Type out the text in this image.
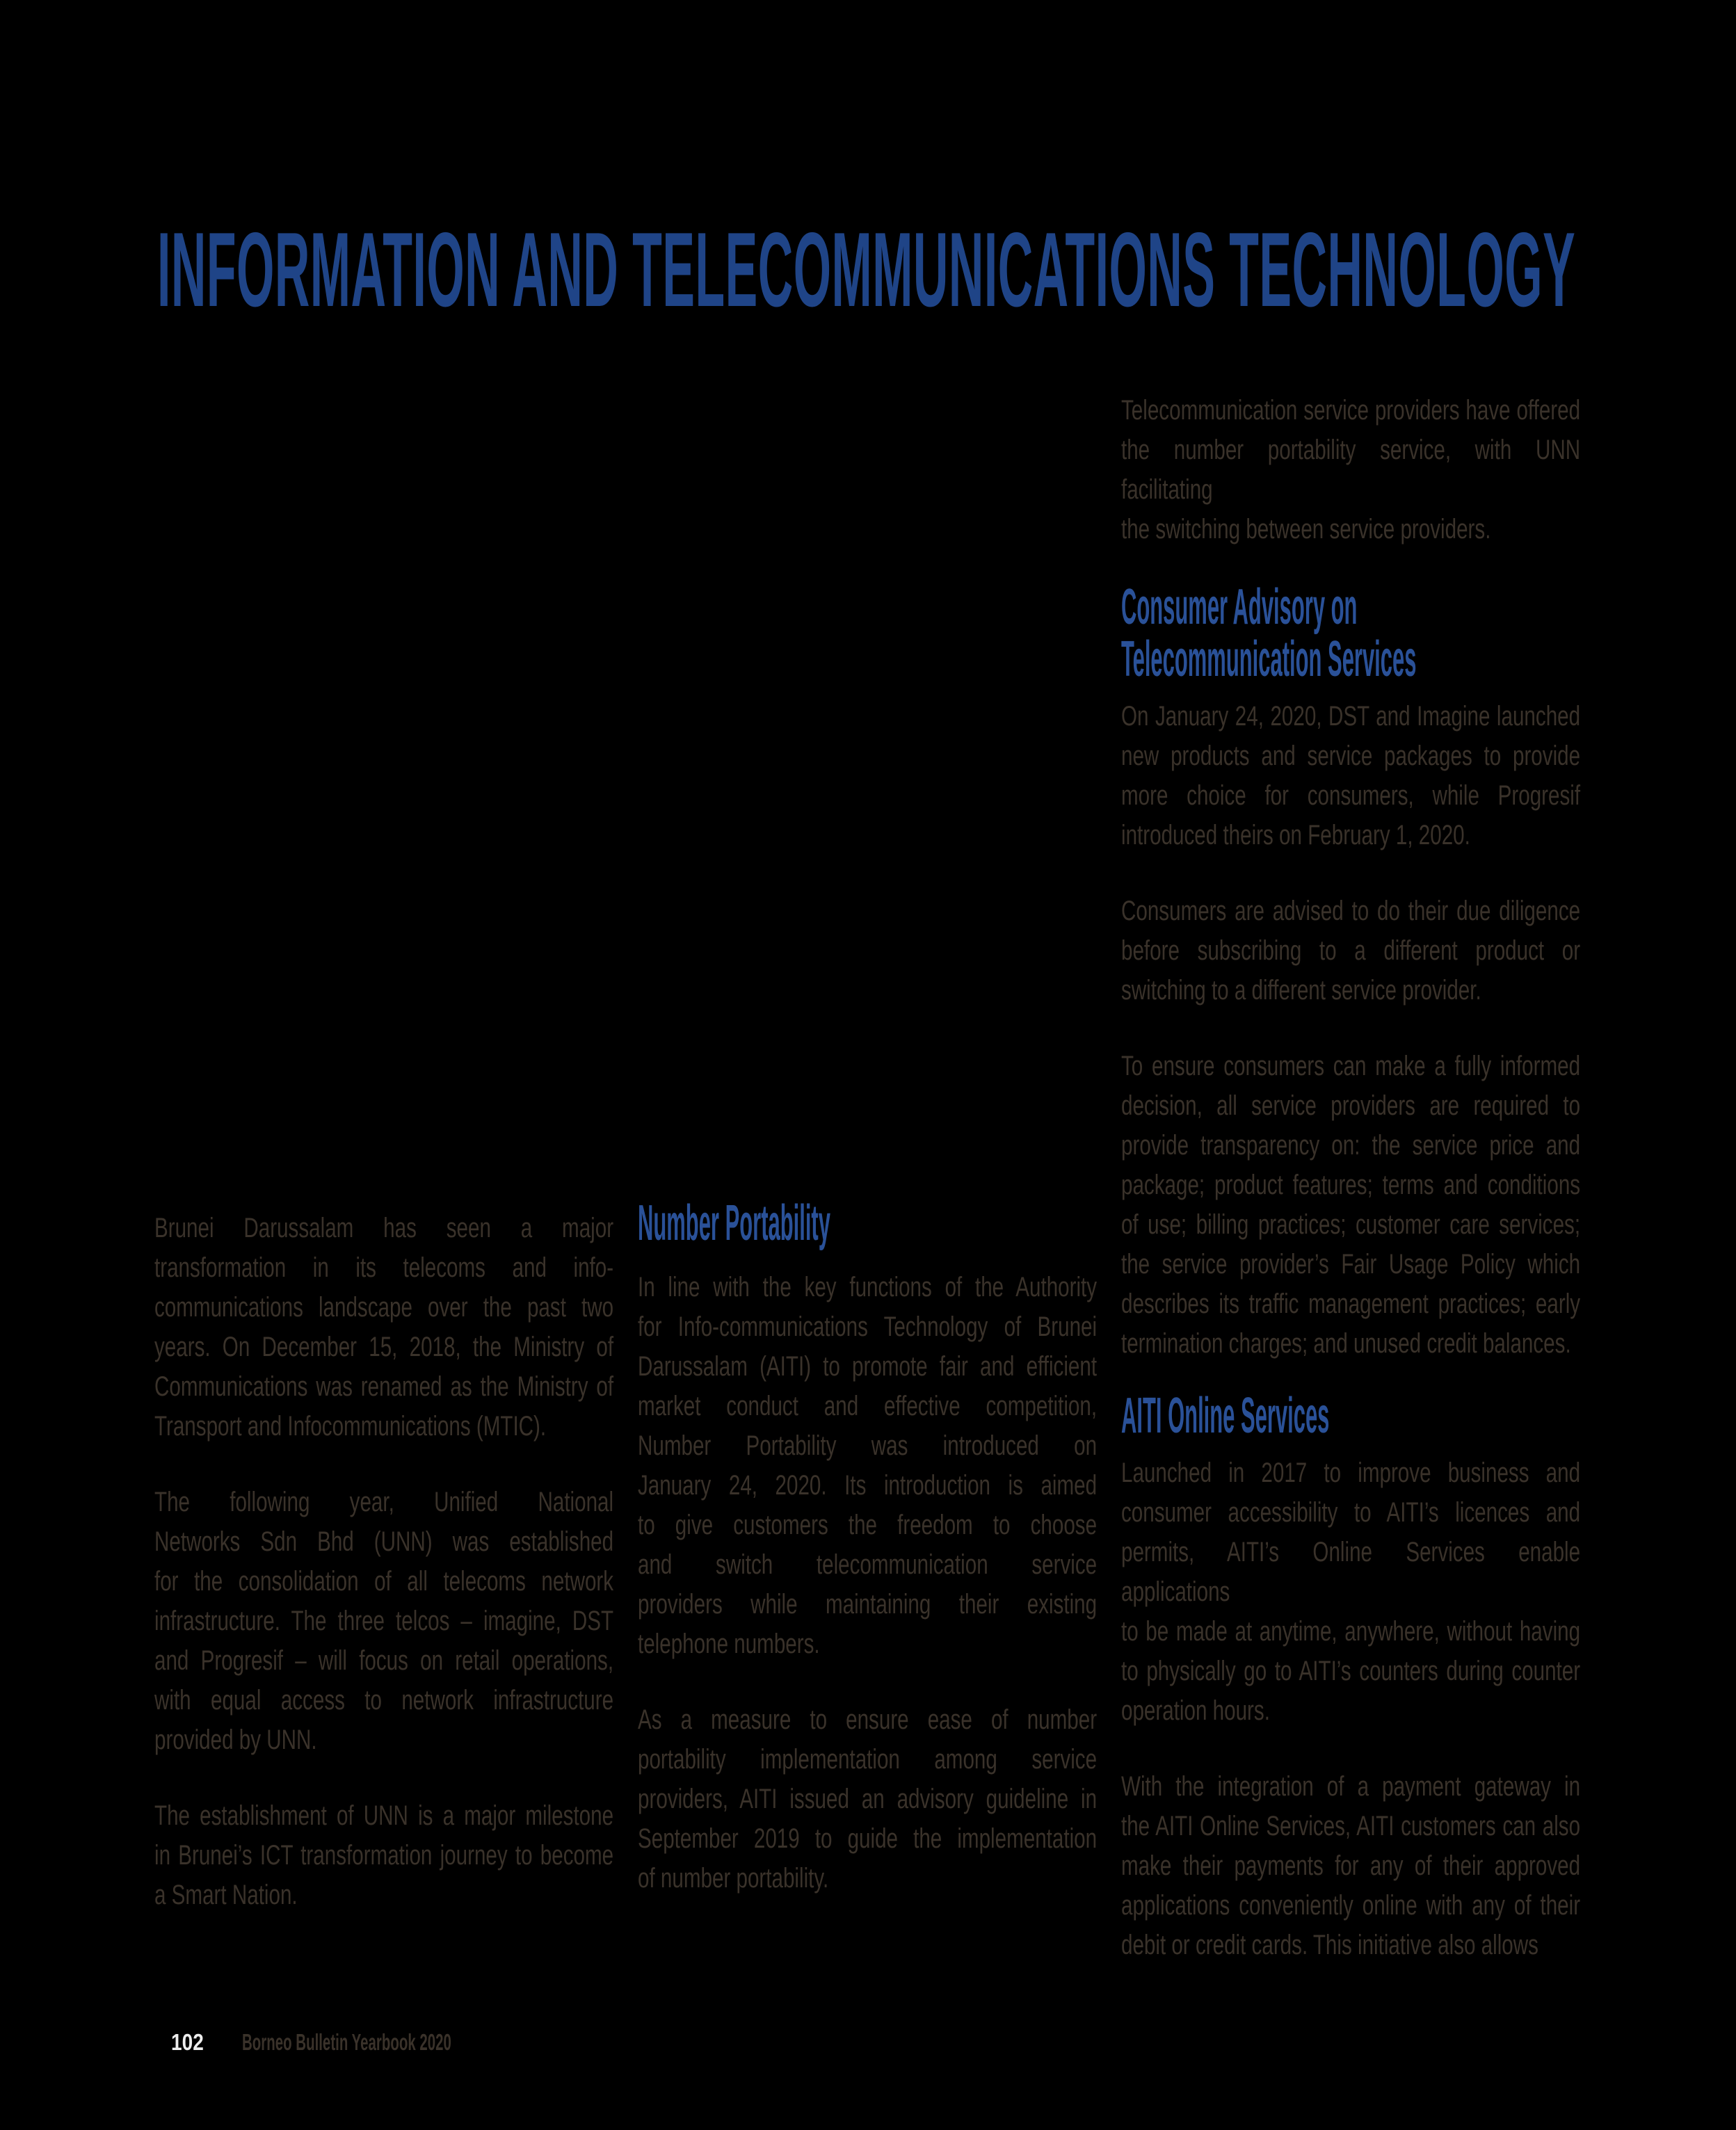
INFORMATION AND TELECOMMUNICATIONS TECHNOLOGY
Brunei Darussalam has seen a major
transformation in its telecoms and info-
communications landscape over the past two
years. On December 15, 2018, the Ministry of
Communications was renamed as the Ministry of
Transport and Infocommunications (MTIC).
The following year, Unified National
Networks Sdn Bhd (UNN) was established
for the consolidation of all telecoms network
infrastructure. The three telcos – imagine, DST
and Progresif – will focus on retail operations,
with equal access to network infrastructure
provided by UNN.
The establishment of UNN is a major milestone
in Brunei’s ICT transformation journey to become
a Smart Nation.
Number Portability
In line with the key functions of the Authority
for Info-communications Technology of Brunei
Darussalam (AITI) to promote fair and efficient
market conduct and effective competition,
Number Portability was introduced on
January 24, 2020. Its introduction is aimed
to give customers the freedom to choose
and switch telecommunication service
providers while maintaining their existing
telephone numbers.
As a measure to ensure ease of number
portability implementation among service
providers, AITI issued an advisory guideline in
September 2019 to guide the implementation
of number portability.
Telecommunication service providers have offered
the number portability service, with UNN facilitating
the switching between service providers.
Consumer Advisory on
Telecommunication Services
On January 24, 2020, DST and Imagine launched
new products and service packages to provide
more choice for consumers, while Progresif
introduced theirs on February 1, 2020.
Consumers are advised to do their due diligence
before subscribing to a different product or
switching to a different service provider.
To ensure consumers can make a fully informed
decision, all service providers are required to
provide transparency on: the service price and
package; product features; terms and conditions
of use; billing practices; customer care services;
the service provider’s Fair Usage Policy which
describes its traffic management practices; early
termination charges; and unused credit balances.
AITI Online Services
Launched in 2017 to improve business and
consumer accessibility to AITI’s licences and
permits, AITI’s Online Services enable applications
to be made at anytime, anywhere, without having
to physically go to AITI’s counters during counter
operation hours.
With the integration of a payment gateway in
the AITI Online Services, AITI customers can also
make their payments for any of their approved
applications conveniently online with any of their
debit or credit cards. This initiative also allows
102 Borneo Bulletin Yearbook 2020
